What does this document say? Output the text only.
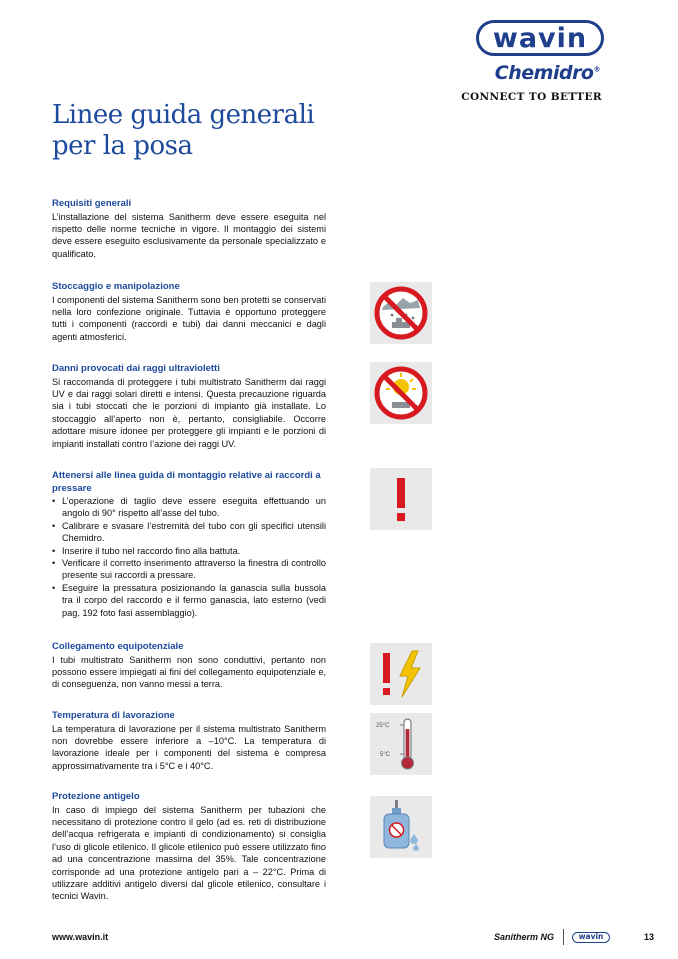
wavin
Chemidro®
CONNECT TO BETTER
Linee guida generali
per la posa
Requisiti generali

L’installazione del sistema Sanitherm deve essere eseguita nel rispetto delle norme tecniche in vigore. Il montaggio dei sistemi deve essere eseguito esclusivamente da personale specializzato e qualificato.

Stoccaggio e manipolazione

I componenti del sistema Sanitherm sono ben protetti se conservati nella loro confezione originale. Tuttavia è opportuno proteggere tutti i componenti (raccordi e tubi) dai danni meccanici e dagli agenti atmosferici.

Danni provocati dai raggi ultravioletti

Si raccomanda di proteggere i tubi multistrato Sanitherm dai raggi UV e dai raggi solari diretti e intensi. Questa precauzione riguarda sia i tubi stoccati che le porzioni di impianto già installate. Lo stoccaggio all’aperto non è, pertanto, consigliabile. Occorre adottare misure idonee per proteggere gli impianti e le porzioni di impianti installati contro l’azione dei raggi UV.

Attenersi alle linea guida di montaggio relative ai raccordi a pressare
• L’operazione di taglio deve essere eseguita effettuando un angolo di 90° rispetto all’asse del tubo.
• Calibrare e svasare l’estremità del tubo con gli specifici utensili Chemidro.
• Inserire il tubo nel raccordo fino alla battuta.
• Verificare il corretto inserimento attraverso la finestra di controllo presente sui raccordi a pressare.
• Eseguire la pressatura posizionando la ganascia sulla bussola tra il corpo del raccordo e il fermo ganascia, lato esterno (vedi pag. 192 foto fasi assemblaggio).
Collegamento equipotenziale

I tubi multistrato Sanitherm non sono conduttivi, pertanto non possono essere impiegati ai fini del collegamento equipotenziale e, di conseguenza, non vanno messi a terra.

Temperatura di lavorazione

La temperatura di lavorazione per il sistema multistrato Sanitherm non dovrebbe essere inferiore a –10°C. La temperatura di lavorazione ideale per i componenti del sistema è compresa approssimativamente tra i 5°C e i 40°C.

Protezione antigelo

In caso di impiego del sistema Sanitherm per tubazioni che necessitano di protezione contro il gelo (ad es. reti di distribuzione dell’acqua refrigerata e impianti di condizionamento) si consiglia l’uso di glicole etilenico. Il glicole etilenico può essere utilizzato fino ad una concentrazione massima del 35%. Tale concentrazione corrisponde ad una protezione antigelo pari a – 22°C. Prima di utilizzare additivi antigelo diversi dal glicole etilenico, consultare i tecnici Wavin.

25°C
5°C
www.wavin.it	Sanitherm NG	wavin	13
